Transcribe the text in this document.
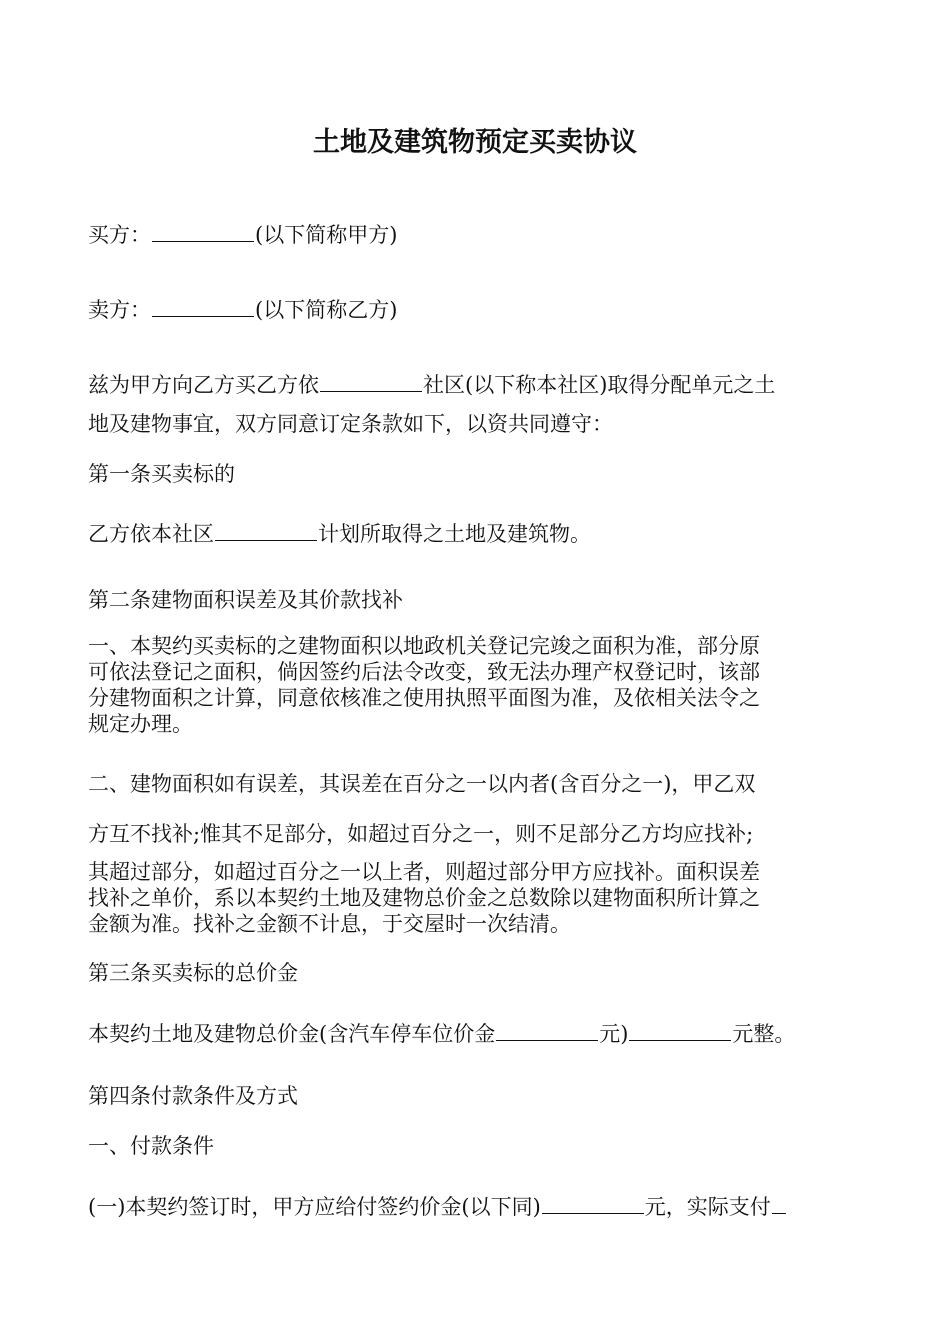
土地及建筑物预定买卖协议
买方：	(以下简称甲方)
卖方：	(以下简称乙方)
兹为甲方向乙方买乙方依	社区(以下称本社区)取得分配单元之土
地及建物事宜，双方同意订定条款如下，以资共同遵守：
第一条买卖标的
乙方依本社区	计划所取得之土地及建筑物。
第二条建物面积误差及其价款找补
一、本契约买卖标的之建物面积以地政机关登记完竣之面积为准，部分原
可依法登记之面积，倘因签约后法令改变，致无法办理产权登记时，该部
分建物面积之计算，同意依核准之使用执照平面图为准，及依相关法令之
规定办理。
二、建物面积如有误差，其误差在百分之一以内者(含百分之一)，甲乙双
方互不找补;惟其不足部分，如超过百分之一，则不足部分乙方均应找补;
其超过部分，如超过百分之一以上者，则超过部分甲方应找补。面积误差
找补之单价，系以本契约土地及建物总价金之总数除以建物面积所计算之
金额为准。找补之金额不计息，于交屋时一次结清。
第三条买卖标的总价金
本契约土地及建物总价金(含汽车停车位价金	元)	元整。
第四条付款条件及方式
一、付款条件
(一)本契约签订时，甲方应给付签约价金(以下同)	元，实际支付
